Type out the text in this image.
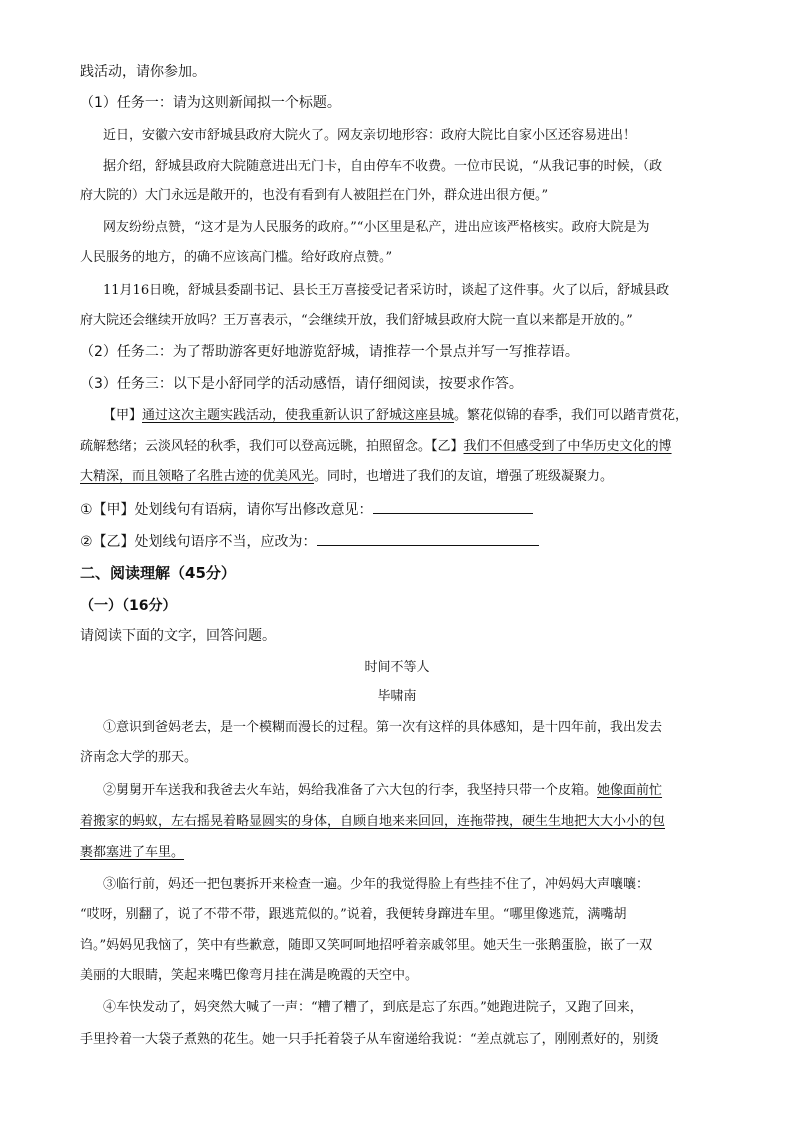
践活动，请你参加。
（1）任务一：请为这则新闻拟一个标题。
近日，安徽六安市舒城县政府大院火了。网友亲切地形容：政府大院比自家小区还容易进出！
据介绍，舒城县政府大院随意进出无门卡，自由停车不收费。一位市民说，“从我记事的时候，（政
府大院的）大门永远是敞开的，也没有看到有人被阻拦在门外，群众进出很方便。”
网友纷纷点赞，“这才是为人民服务的政府。”“小区里是私产，进出应该严格核实。政府大院是为
人民服务的地方，的确不应该高门槛。给好政府点赞。”
11月16日晚，舒城县委副书记、县长王万喜接受记者采访时，谈起了这件事。火了以后，舒城县政
府大院还会继续开放吗？王万喜表示，“会继续开放，我们舒城县政府大院一直以来都是开放的。”
（2）任务二：为了帮助游客更好地游览舒城，请推荐一个景点并写一写推荐语。
（3）任务三：以下是小舒同学的活动感悟，请仔细阅读，按要求作答。
【甲】通过这次主题实践活动，使我重新认识了舒城这座县城。繁花似锦的春季，我们可以踏青赏花，
疏解愁绪；云淡风轻的秋季，我们可以登高远眺，拍照留念。【乙】我们不但感受到了中华历史文化的博
大精深，而且领略了名胜古迹的优美风光。同时，也增进了我们的友谊，增强了班级凝聚力。
①【甲】处划线句有语病，请你写出修改意见：
②【乙】处划线句语序不当，应改为：
二、阅读理解（45分）
（一）（16分）
请阅读下面的文字，回答问题。
时间不等人
毕啸南
①意识到爸妈老去，是一个模糊而漫长的过程。第一次有这样的具体感知，是十四年前，我出发去
济南念大学的那天。
②舅舅开车送我和我爸去火车站，妈给我准备了六大包的行李，我坚持只带一个皮箱。她像面前忙
着搬家的蚂蚁，左右摇晃着略显圆实的身体，自顾自地来来回回，连拖带拽，硬生生地把大大小小的包
裹都塞进了车里。
③临行前，妈还一把包裹拆开来检查一遍。少年的我觉得脸上有些挂不住了，冲妈妈大声嚷嚷：
“哎呀，别翻了，说了不带不带，跟逃荒似的。”说着，我便转身蹿进车里。“哪里像逃荒，满嘴胡
诌。”妈妈见我恼了，笑中有些歉意，随即又笑呵呵地招呼着亲戚邻里。她天生一张鹅蛋脸，嵌了一双
美丽的大眼睛，笑起来嘴巴像弯月挂在满是晚霞的天空中。
④车快发动了，妈突然大喊了一声：“糟了糟了，到底是忘了东西。”她跑进院子，又跑了回来，
手里拎着一大袋子煮熟的花生。她一只手托着袋子从车窗递给我说：“差点就忘了，刚刚煮好的，别烫
